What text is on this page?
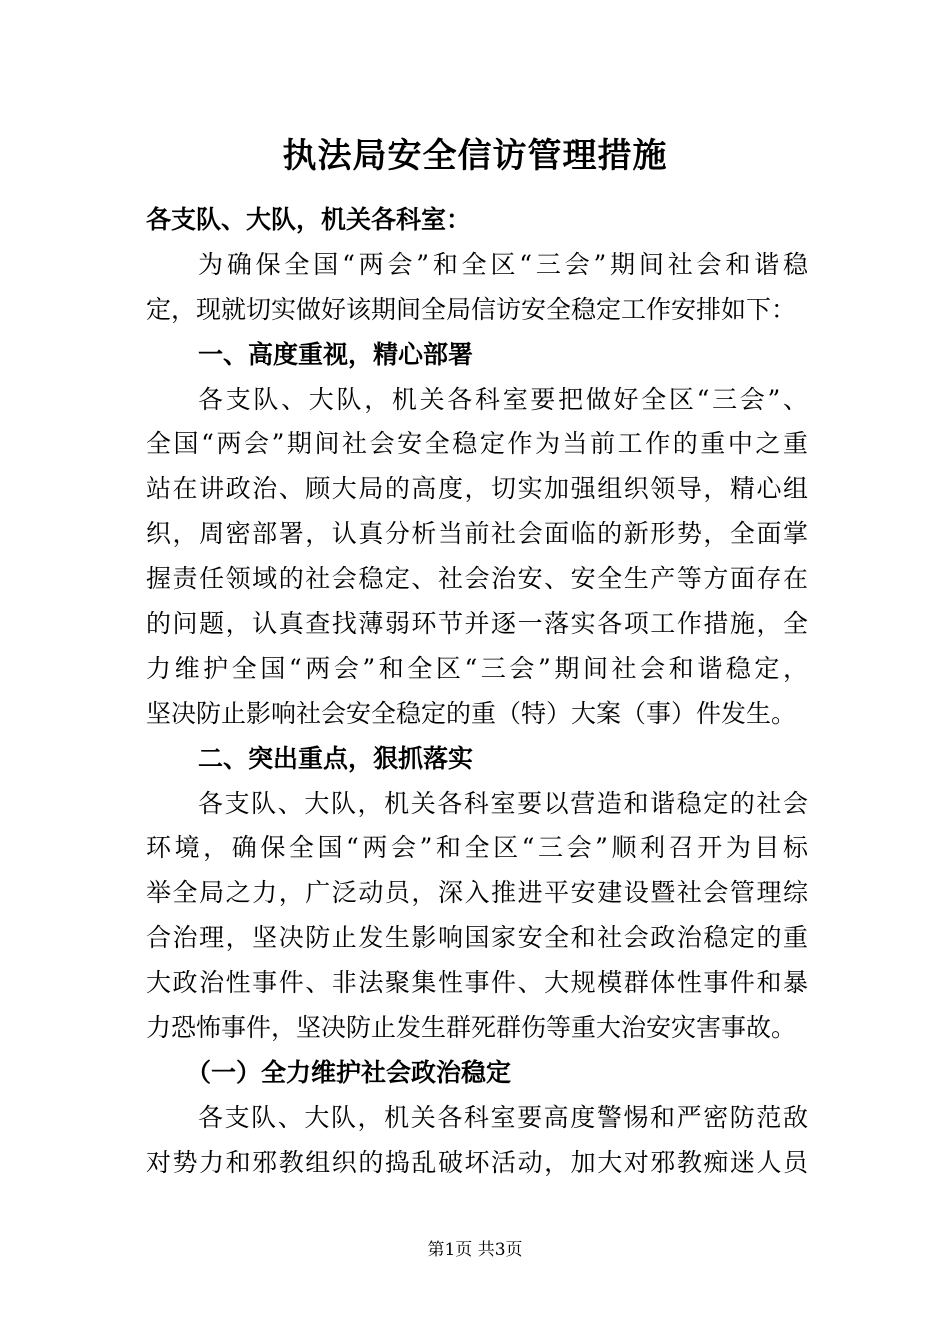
执法局安全信访管理措施
各支队、大队，机关各科室：
为确保全国“两会”和全区“三会”期间社会和谐稳
定，现就切实做好该期间全局信访安全稳定工作安排如下：
一、高度重视，精心部署
各支队、大队，机关各科室要把做好全区“三会”、
全国“两会”期间社会安全稳定作为当前工作的重中之重
站在讲政治、顾大局的高度，切实加强组织领导，精心组
织，周密部署，认真分析当前社会面临的新形势，全面掌
握责任领域的社会稳定、社会治安、安全生产等方面存在
的问题，认真查找薄弱环节并逐一落实各项工作措施，全
力维护全国“两会”和全区“三会”期间社会和谐稳定，
坚决防止影响社会安全稳定的重（特）大案（事）件发生。
二、突出重点，狠抓落实
各支队、大队，机关各科室要以营造和谐稳定的社会
环境，确保全国“两会”和全区“三会”顺利召开为目标
举全局之力，广泛动员，深入推进平安建设暨社会管理综
合治理，坚决防止发生影响国家安全和社会政治稳定的重
大政治性事件、非法聚集性事件、大规模群体性事件和暴
力恐怖事件，坚决防止发生群死群伤等重大治安灾害事故。
（一）全力维护社会政治稳定
各支队、大队，机关各科室要高度警惕和严密防范敌
对势力和邪教组织的捣乱破坏活动，加大对邪教痴迷人员
第1页 共3页
